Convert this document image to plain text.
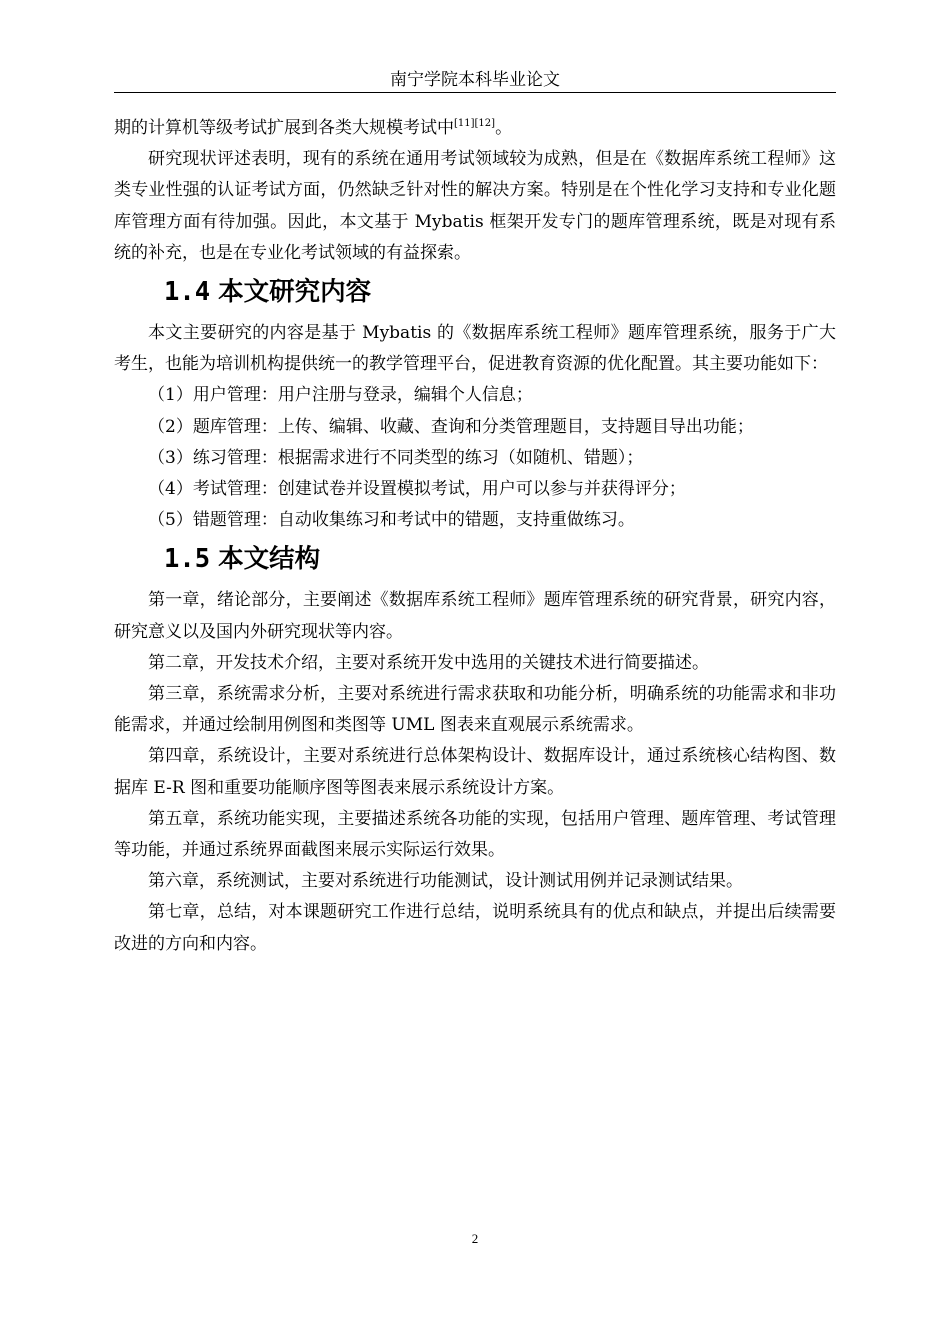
南宁学院本科毕业论文

期的计算机等级考试扩展到各类大规模考试中[11][12]。

研究现状评述表明，现有的系统在通用考试领域较为成熟，但是在《数据库系统工程师》这类专业性强的认证考试方面，仍然缺乏针对性的解决方案。特别是在个性化学习支持和专业化题库管理方面有待加强。因此，本文基于 Mybatis 框架开发专门的题库管理系统，既是对现有系统的补充，也是在专业化考试领域的有益探索。

1.4 本文研究内容

本文主要研究的内容是基于 Mybatis 的《数据库系统工程师》题库管理系统，服务于广大考生，也能为培训机构提供统一的教学管理平台，促进教育资源的优化配置。其主要功能如下：

（1）用户管理：用户注册与登录，编辑个人信息；

（2）题库管理：上传、编辑、收藏、查询和分类管理题目，支持题目导出功能；

（3）练习管理：根据需求进行不同类型的练习（如随机、错题）；

（4）考试管理：创建试卷并设置模拟考试，用户可以参与并获得评分；

（5）错题管理：自动收集练习和考试中的错题，支持重做练习。

1.5 本文结构

第一章，绪论部分，主要阐述《数据库系统工程师》题库管理系统的研究背景，研究内容，研究意义以及国内外研究现状等内容。

第二章，开发技术介绍，主要对系统开发中选用的关键技术进行简要描述。

第三章，系统需求分析，主要对系统进行需求获取和功能分析，明确系统的功能需求和非功能需求，并通过绘制用例图和类图等 UML 图表来直观展示系统需求。

第四章，系统设计，主要对系统进行总体架构设计、数据库设计，通过系统核心结构图、数据库 E-R 图和重要功能顺序图等图表来展示系统设计方案。

第五章，系统功能实现，主要描述系统各功能的实现，包括用户管理、题库管理、考试管理等功能，并通过系统界面截图来展示实际运行效果。

第六章，系统测试，主要对系统进行功能测试，设计测试用例并记录测试结果。

第七章，总结，对本课题研究工作进行总结，说明系统具有的优点和缺点，并提出后续需要改进的方向和内容。

2
